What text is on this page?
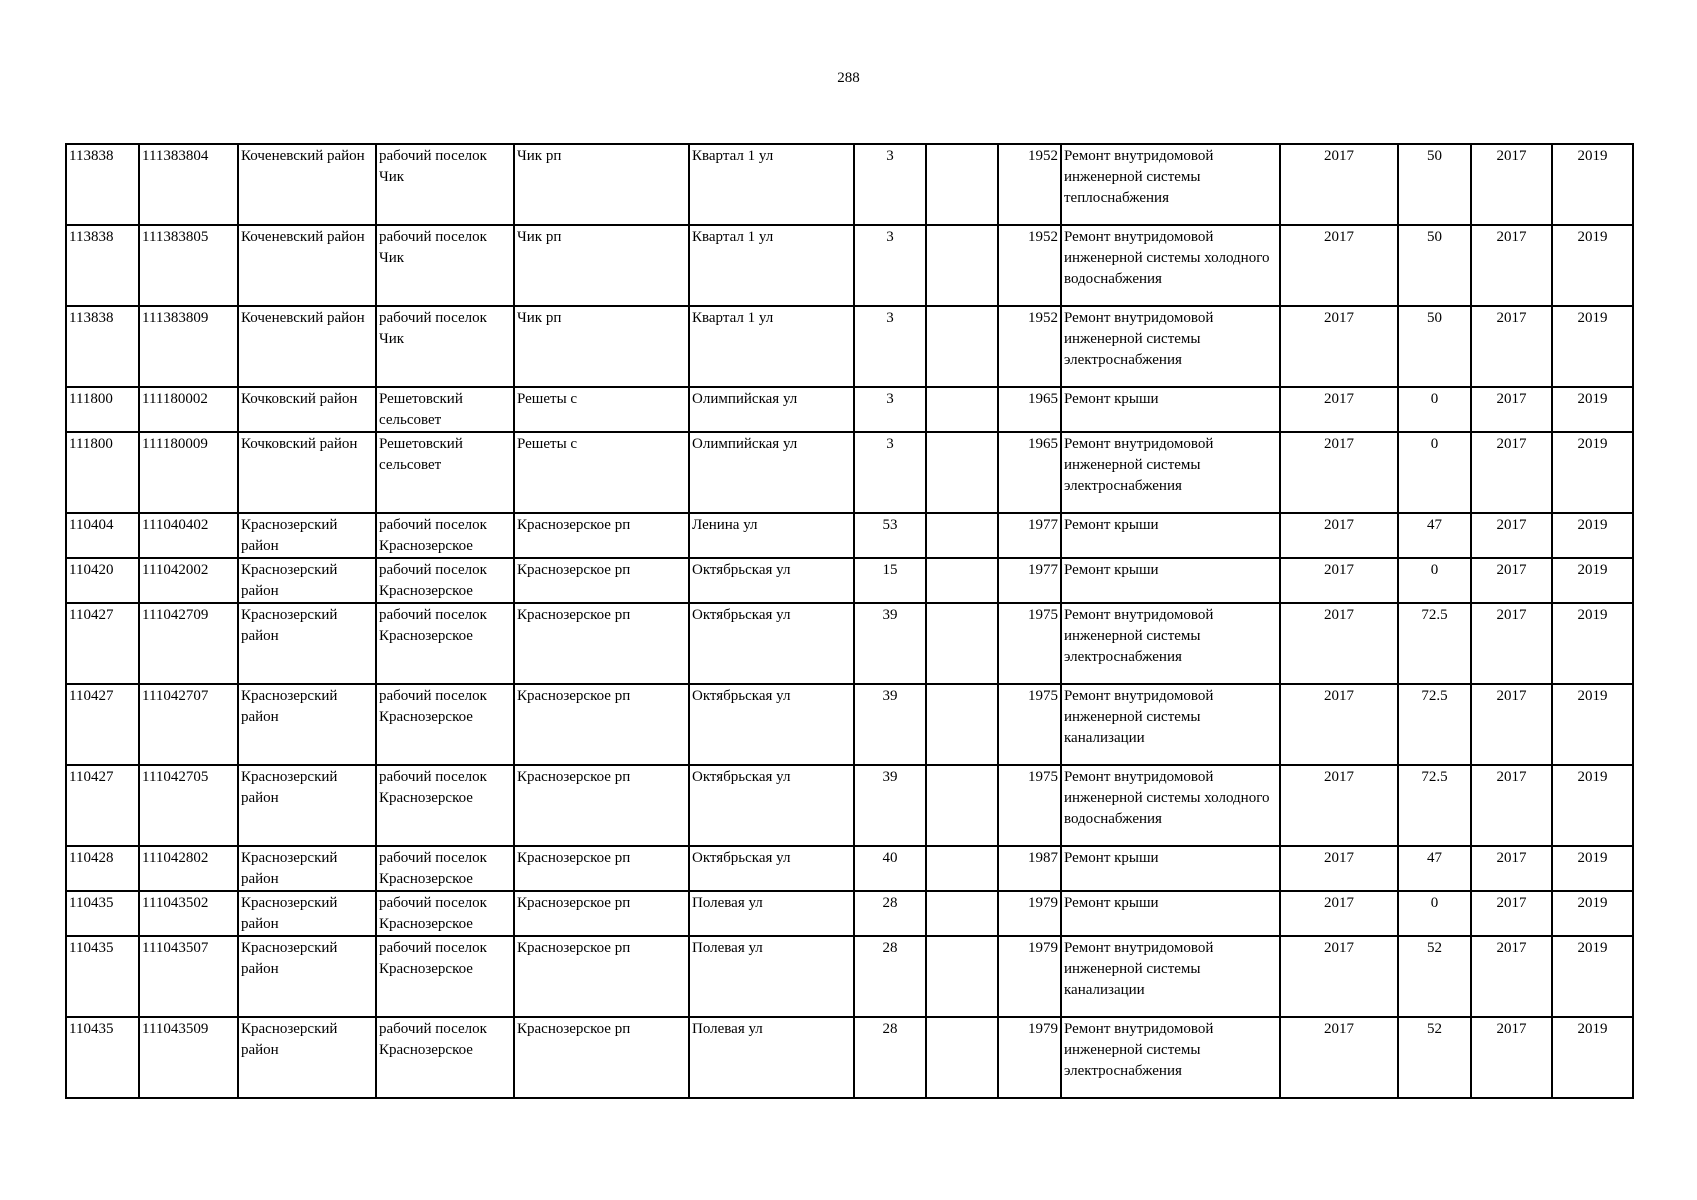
288
113838	111383804	Коченевский район	рабочий поселок Чик	Чик рп	Квартал 1 ул	3		1952	Ремонт внутридомовой инженерной системы теплоснабжения	2017	50	2017	2019
113838	111383805	Коченевский район	рабочий поселок Чик	Чик рп	Квартал 1 ул	3		1952	Ремонт внутридомовой инженерной системы холодного водоснабжения	2017	50	2017	2019
113838	111383809	Коченевский район	рабочий поселок Чик	Чик рп	Квартал 1 ул	3		1952	Ремонт внутридомовой инженерной системы электроснабжения	2017	50	2017	2019
111800	111180002	Кочковский район	Решетовский сельсовет	Решеты с	Олимпийская ул	3		1965	Ремонт крыши	2017	0	2017	2019
111800	111180009	Кочковский район	Решетовский сельсовет	Решеты с	Олимпийская ул	3		1965	Ремонт внутридомовой инженерной системы электроснабжения	2017	0	2017	2019
110404	111040402	Краснозерский район	рабочий поселок Краснозерское	Краснозерское рп	Ленина ул	53		1977	Ремонт крыши	2017	47	2017	2019
110420	111042002	Краснозерский район	рабочий поселок Краснозерское	Краснозерское рп	Октябрьская ул	15		1977	Ремонт крыши	2017	0	2017	2019
110427	111042709	Краснозерский район	рабочий поселок Краснозерское	Краснозерское рп	Октябрьская ул	39		1975	Ремонт внутридомовой инженерной системы электроснабжения	2017	72.5	2017	2019
110427	111042707	Краснозерский район	рабочий поселок Краснозерское	Краснозерское рп	Октябрьская ул	39		1975	Ремонт внутридомовой инженерной системы канализации	2017	72.5	2017	2019
110427	111042705	Краснозерский район	рабочий поселок Краснозерское	Краснозерское рп	Октябрьская ул	39		1975	Ремонт внутридомовой инженерной системы холодного водоснабжения	2017	72.5	2017	2019
110428	111042802	Краснозерский район	рабочий поселок Краснозерское	Краснозерское рп	Октябрьская ул	40		1987	Ремонт крыши	2017	47	2017	2019
110435	111043502	Краснозерский район	рабочий поселок Краснозерское	Краснозерское рп	Полевая ул	28		1979	Ремонт крыши	2017	0	2017	2019
110435	111043507	Краснозерский район	рабочий поселок Краснозерское	Краснозерское рп	Полевая ул	28		1979	Ремонт внутридомовой инженерной системы канализации	2017	52	2017	2019
110435	111043509	Краснозерский район	рабочий поселок Краснозерское	Краснозерское рп	Полевая ул	28		1979	Ремонт внутридомовой инженерной системы электроснабжения	2017	52	2017	2019
